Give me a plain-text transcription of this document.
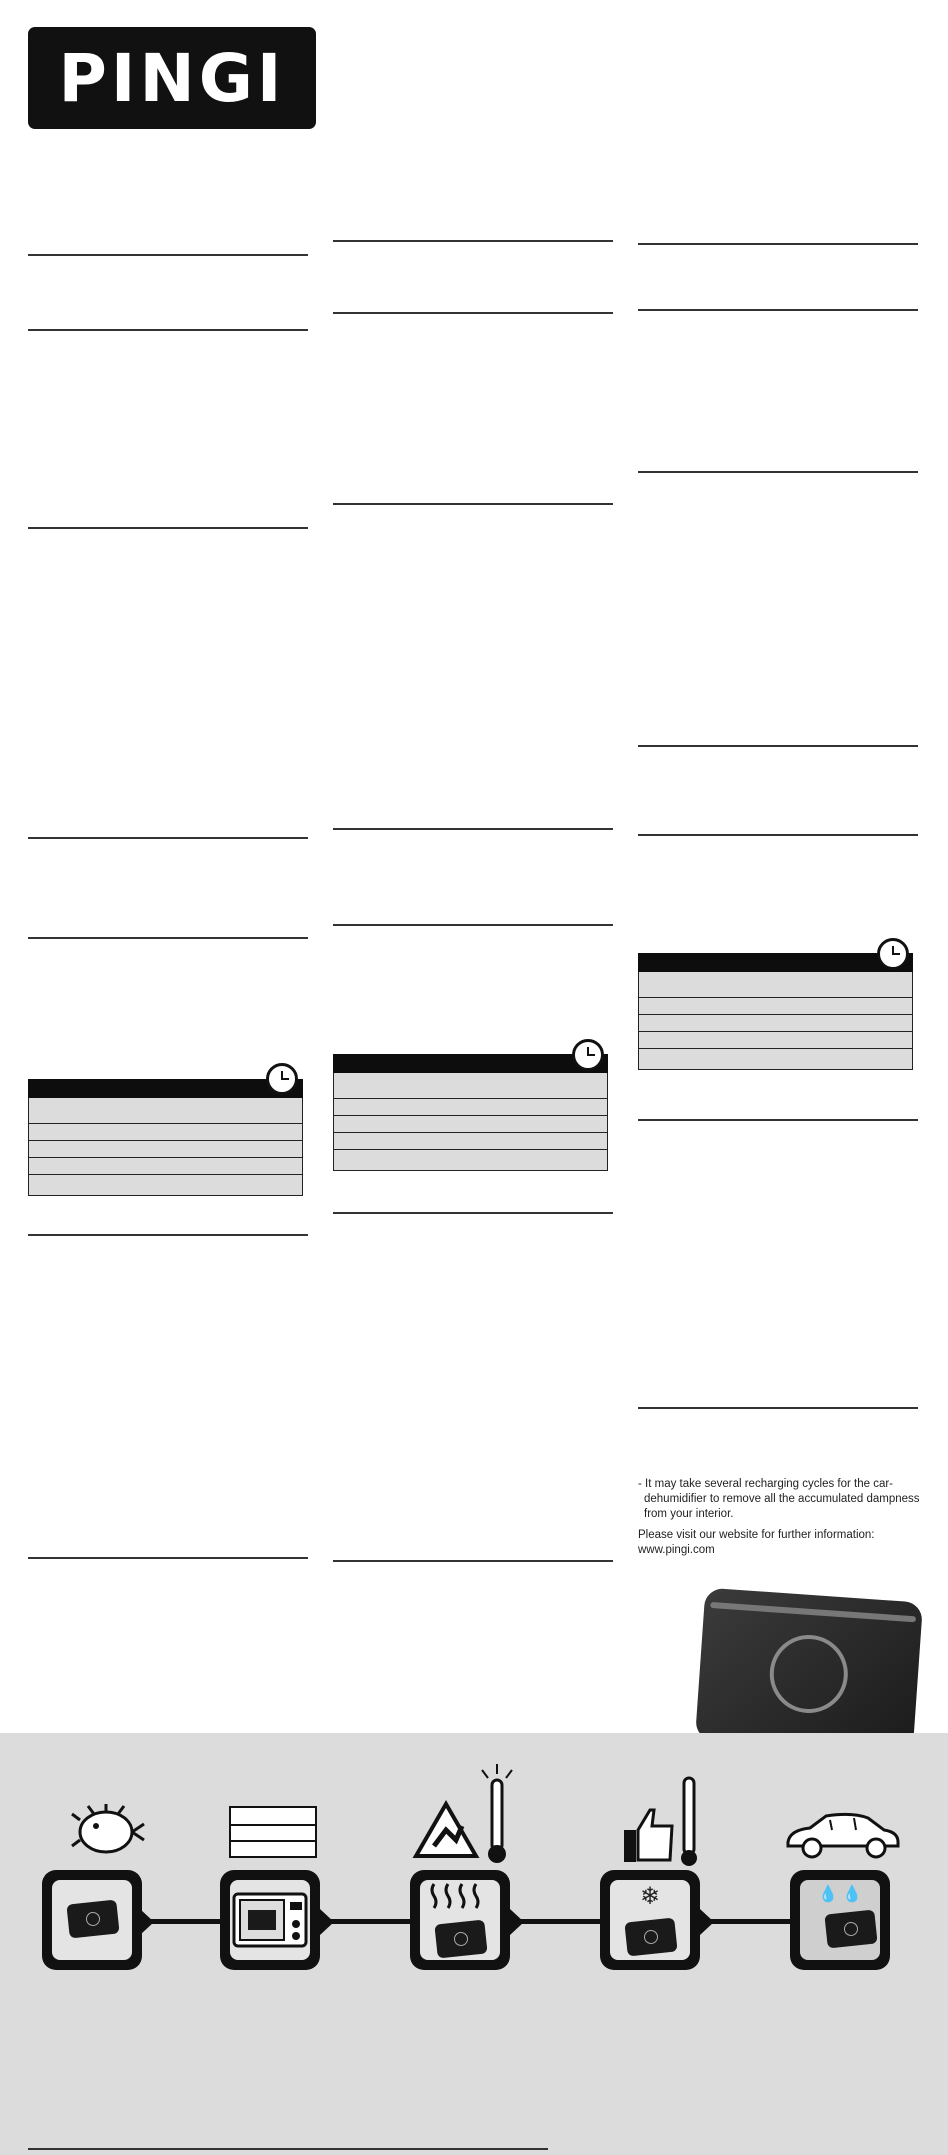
PINGI
- It may take several recharging cycles for the car-
dehumidifier to remove all the accumulated dampness
from your interior.
Please visit our website for further information:
www.pingi.com
❄	💧 💧
